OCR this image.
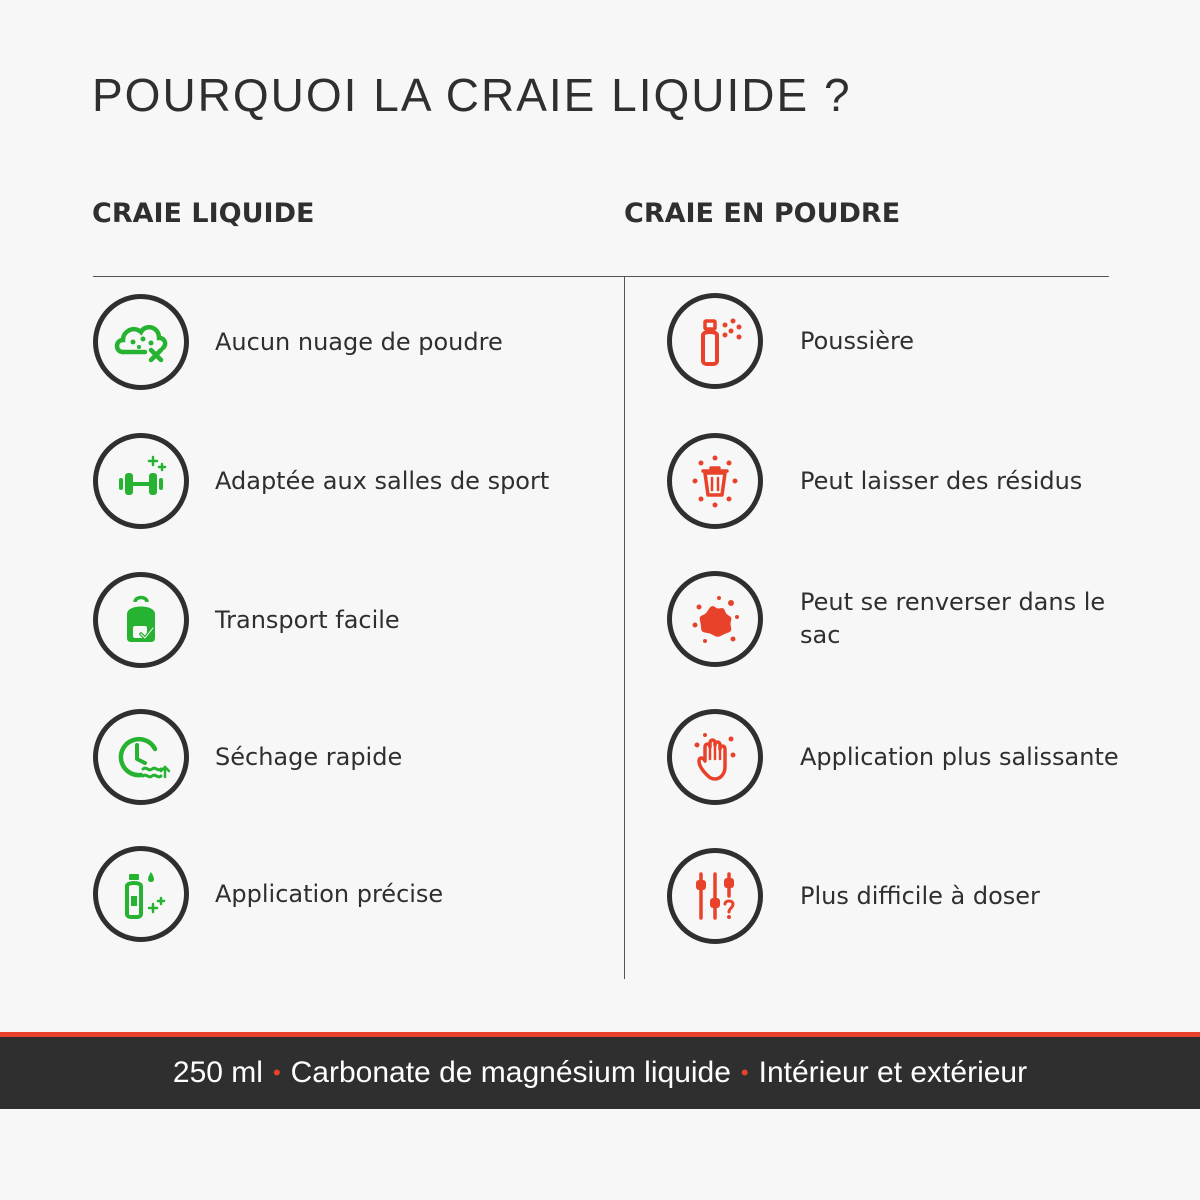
POURQUOI LA CRAIE LIQUIDE ?
CRAIE LIQUIDE	CRAIE EN POUDRE
Aucun nuage de poudre
Adaptée aux salles de sport
Transport facile
Séchage rapide
Application précise
Poussière
Peut laisser des résidus
Peut se renverser dans le sac
Application plus salissante
Plus difficile à doser
250 ml • Carbonate de magnésium liquide • Intérieur et extérieur
